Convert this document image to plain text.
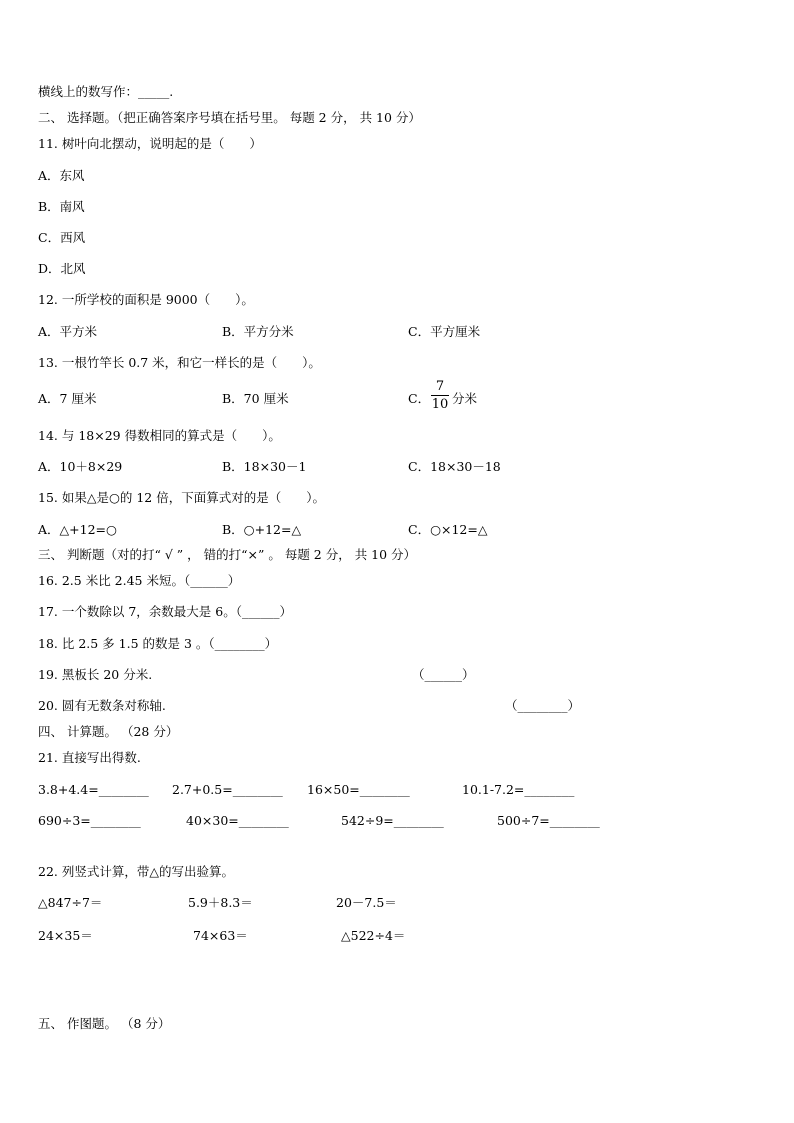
横线上的数写作：_____.
二、 选择题。（把正确答案序号填在括号里。 每题 2 分， 共 10 分）
11. 树叶向北摆动，说明起的是（　　）
A．东风
B．南风
C．西风
D．北风
12. 一所学校的面积是 9000（　　）。
A．平方米	B．平方分米	C．平方厘米
13. 一根竹竿长 0.7 米，和它一样长的是（　　）。
A．7 厘米	B．70 厘米	C．
7
10 分米
14. 与 18×29 得数相同的算式是（　　）。
A．10＋8×29	B．18×30－1	C．18×30－18
15. 如果△是○的 12 倍，下面算式对的是（　　）。
A．△+12=○	B．○+12=△	C．○×12=△
三、 判断题（对的打“ √ ” ， 错的打“×” 。 每题 2 分， 共 10 分）
16. 2.5 米比 2.45 米短。（______）
17. 一个数除以 7，余数最大是 6。（______）
18. 比 2.5 多 1.5 的数是 3 。（________）
19. 黑板长 20 分米.	（______）
20. 圆有无数条对称轴.	（________）
四、 计算题。 （28 分）
21. 直接写出得数.
3.8+4.4=________ 2.7+0.5=________ 16×50=________	10.1-7.2=________
690÷3=________	40×30=________	542÷9=________	500÷7=________
22. 列竖式计算，带△的写出验算。
△847÷7＝	5.9＋8.3＝	20－7.5＝
24×35＝	74×63＝	△522÷4＝
五、 作图题。 （8 分）
